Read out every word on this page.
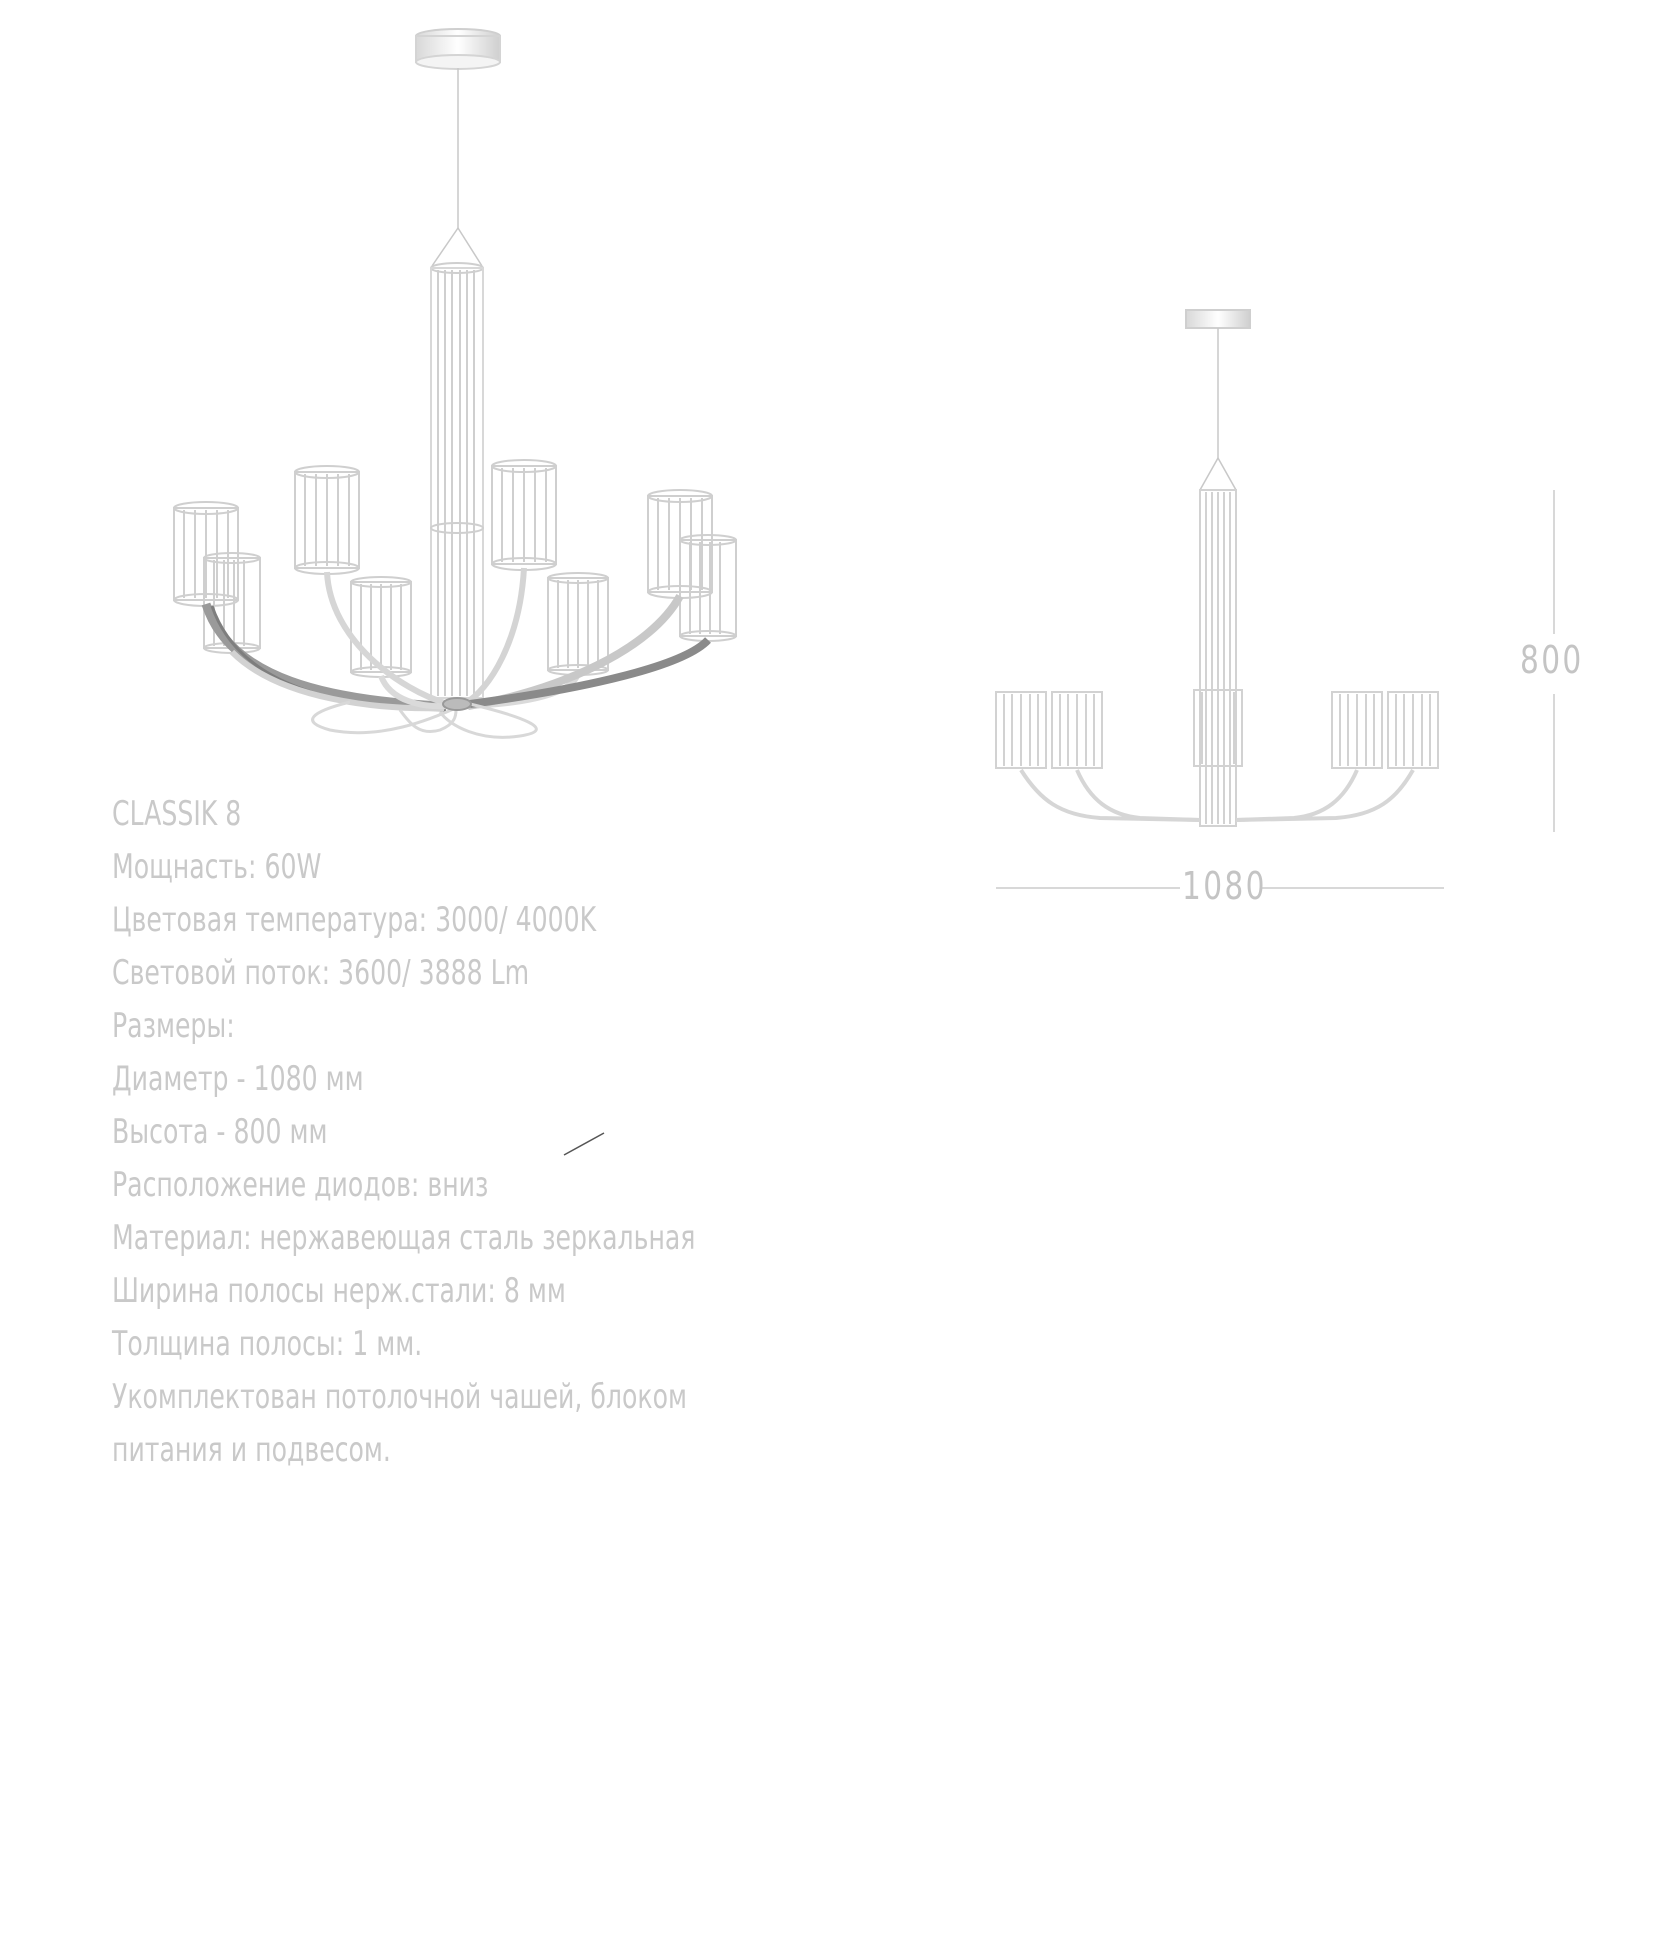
1080
800
CLASSIK 8
Мощнасть: 60W
Цветовая температура: 3000/ 4000K
Световой поток: 3600/ 3888 Lm
Размеры:
Диаметр - 1080 мм
Высота - 800 мм
Расположение диодов: вниз
Материал: нержавеющая сталь зеркальная
Ширина полосы нерж.стали: 8 мм
Толщина полосы: 1 мм.
Укомплектован потолочной чашей, блоком
питания и подвесом.
